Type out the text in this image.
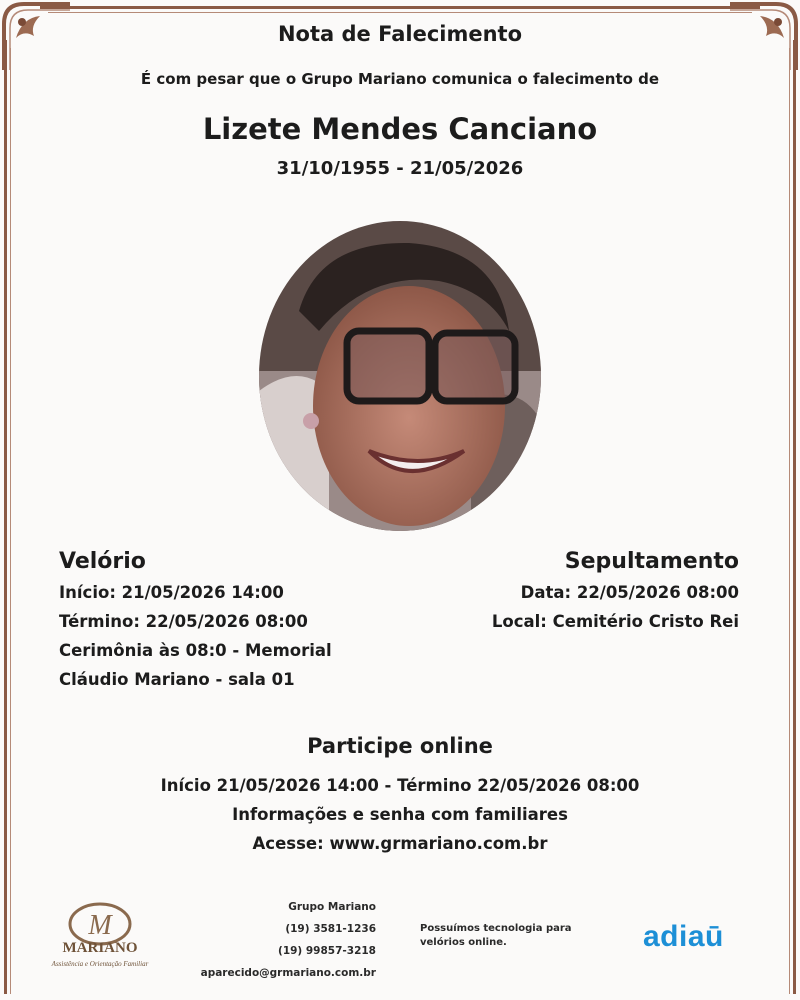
Nota de Falecimento
É com pesar que o Grupo Mariano comunica o falecimento de
Lizete Mendes Canciano
31/10/1955 - 21/05/2026
Velório
Início: 21/05/2026 14:00
Término: 22/05/2026 08:00
Cerimônia às 08:0 - Memorial
Cláudio Mariano - sala 01
Sepultamento
Data: 22/05/2026 08:00
Local: Cemitério Cristo Rei
Participe online
Início 21/05/2026 14:00 - Término 22/05/2026 08:00
Informações e senha com familiares
Acesse: www.grmariano.com.br
M
MARIANO
Assistência e Orientação Familiar
Grupo Mariano
(19) 3581-1236
(19) 99857-3218
aparecido@grmariano.com.br
Possuímos tecnologia para velórios online.	adiaū
